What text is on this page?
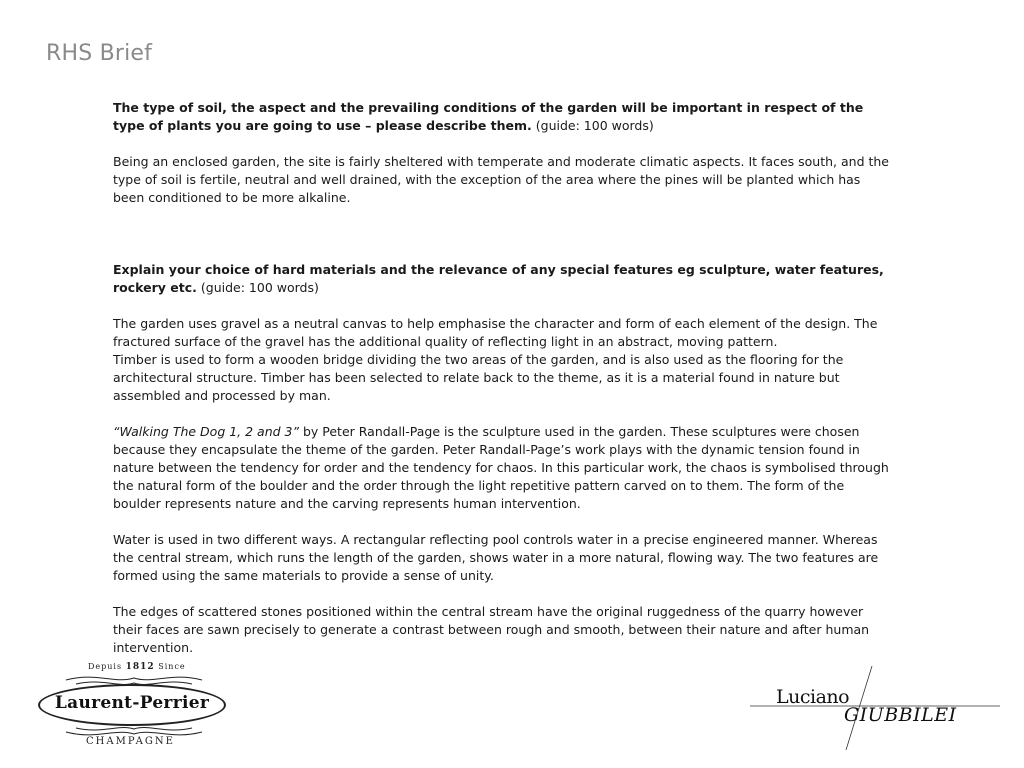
RHS Brief

The type of soil, the aspect and the prevailing conditions of the garden will be important in respect of the type of plants you are going to use – please describe them. (guide: 100 words)

Being an enclosed garden, the site is fairly sheltered with temperate and moderate climatic aspects. It faces south, and the type of soil is fertile, neutral and well drained, with the exception of the area where the pines will be planted which has been conditioned to be more alkaline.

Explain your choice of hard materials and the relevance of any special features eg sculpture, water features, rockery etc. (guide: 100 words)

The garden uses gravel as a neutral canvas to help emphasise the character and form of each element of the design. The fractured surface of the gravel has the additional quality of reflecting light in an abstract, moving pattern.

Timber is used to form a wooden bridge dividing the two areas of the garden, and is also used as the flooring for the architectural structure. Timber has been selected to relate back to the theme, as it is a material found in nature but assembled and processed by man.

“Walking The Dog 1, 2 and 3” by Peter Randall-Page is the sculpture used in the garden. These sculptures were chosen because they encapsulate the theme of the garden. Peter Randall-Page’s work plays with the dynamic tension found in nature between the tendency for order and the tendency for chaos. In this particular work, the chaos is symbolised through the natural form of the boulder and the order through the light repetitive pattern carved on to them. The form of the boulder represents nature and the carving represents human intervention.

Water is used in two different ways. A rectangular reflecting pool controls water in a precise engineered manner. Whereas the central stream, which runs the length of the garden, shows water in a more natural, flowing way. The two features are formed using the same materials to provide a sense of unity.

The edges of scattered stones positioned within the central stream have the original ruggedness of the quarry however their faces are sawn precisely to generate a contrast between rough and smooth, between their nature and after human intervention.

Depuis 1812 Since
Laurent-Perrier
CHAMPAGNE
Luciano
GIUBBILEI
